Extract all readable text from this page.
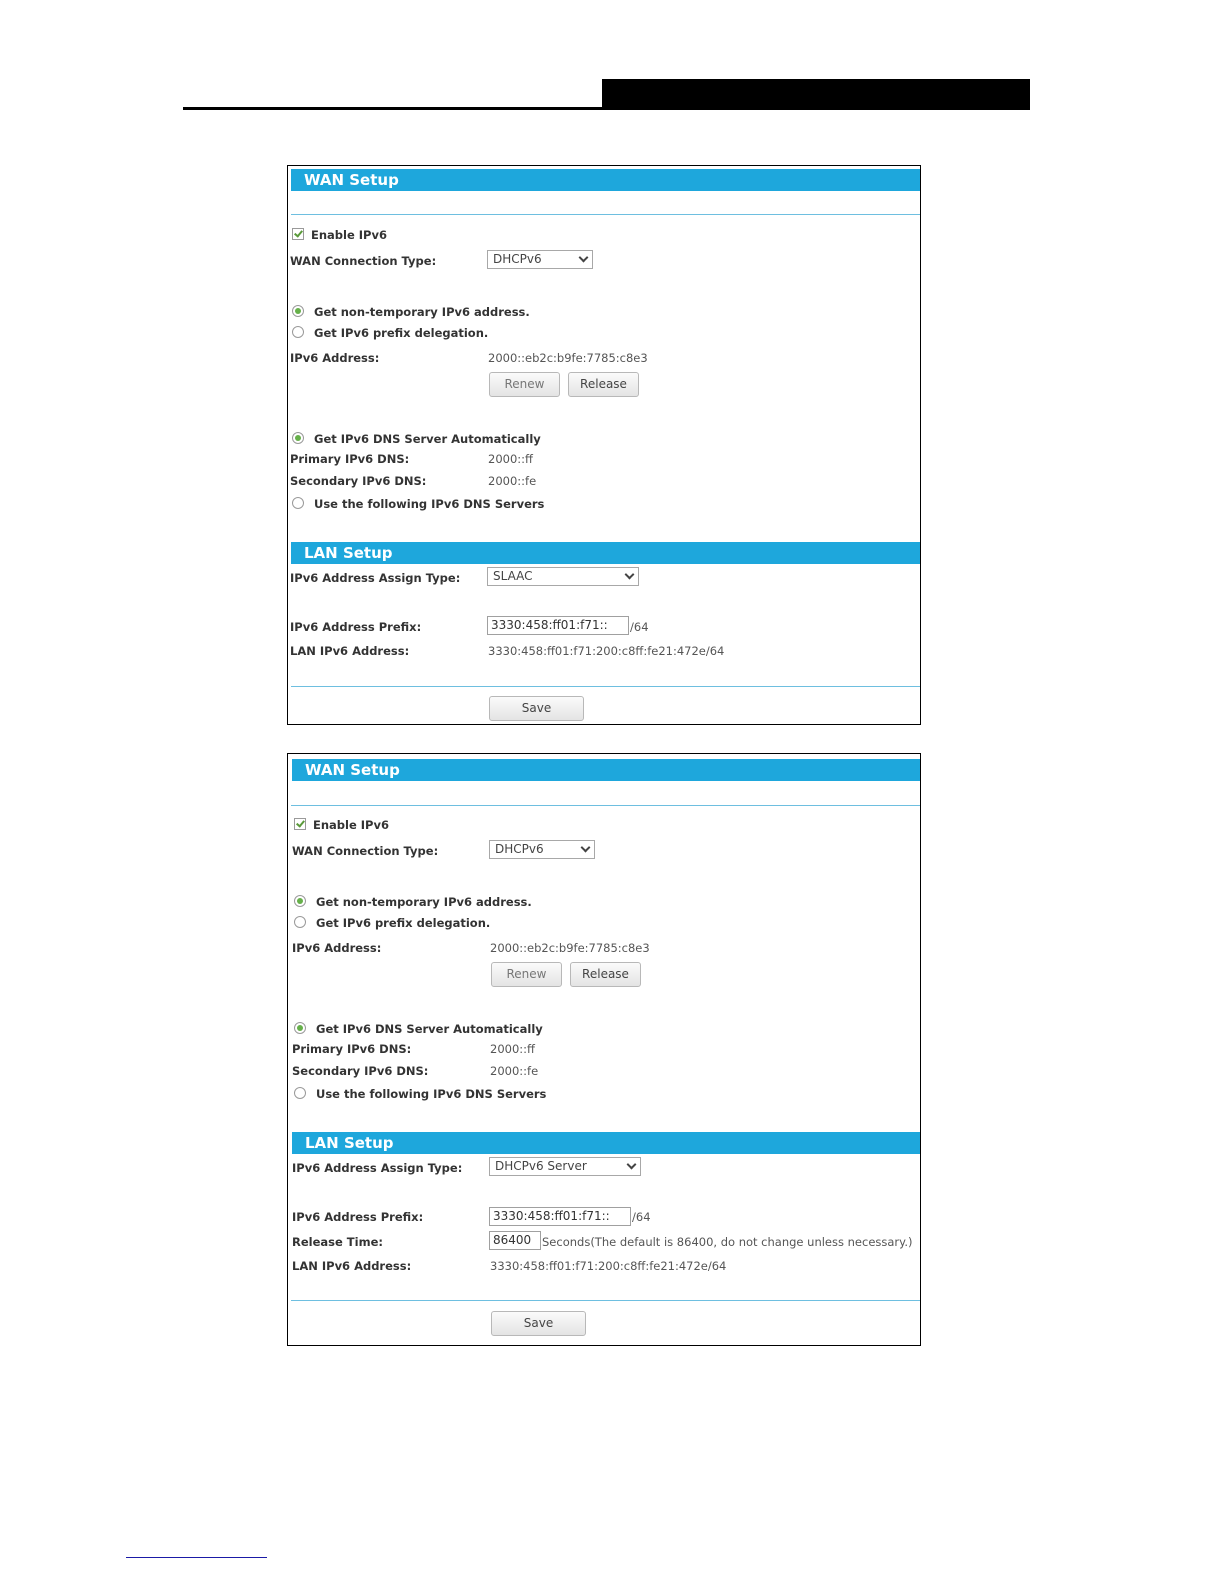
WAN Setup
Enable IPv6
WAN Connection Type:	DHCPv6
Get non-temporary IPv6 address.
Get IPv6 prefix delegation.
IPv6 Address:	2000::eb2c:b9fe:7785:c8e3
Renew	Release
Get IPv6 DNS Server Automatically
Primary IPv6 DNS:	2000::ff
Secondary IPv6 DNS:	2000::fe
Use the following IPv6 DNS Servers
LAN Setup
IPv6 Address Assign Type:	SLAAC
IPv6 Address Prefix:	3330:458:ff01:f71::	/64
LAN IPv6 Address:	3330:458:ff01:f71:200:c8ff:fe21:472e/64
Save
WAN Setup
Enable IPv6
WAN Connection Type:	DHCPv6
Get non-temporary IPv6 address.
Get IPv6 prefix delegation.
IPv6 Address:	2000::eb2c:b9fe:7785:c8e3
Renew	Release
Get IPv6 DNS Server Automatically
Primary IPv6 DNS:	2000::ff
Secondary IPv6 DNS:	2000::fe
Use the following IPv6 DNS Servers
LAN Setup
IPv6 Address Assign Type:	DHCPv6 Server
IPv6 Address Prefix:	3330:458:ff01:f71::	/64
Release Time:	86400 Seconds(The default is 86400, do not change unless necessary.)
LAN IPv6 Address:	3330:458:ff01:f71:200:c8ff:fe21:472e/64
Save
